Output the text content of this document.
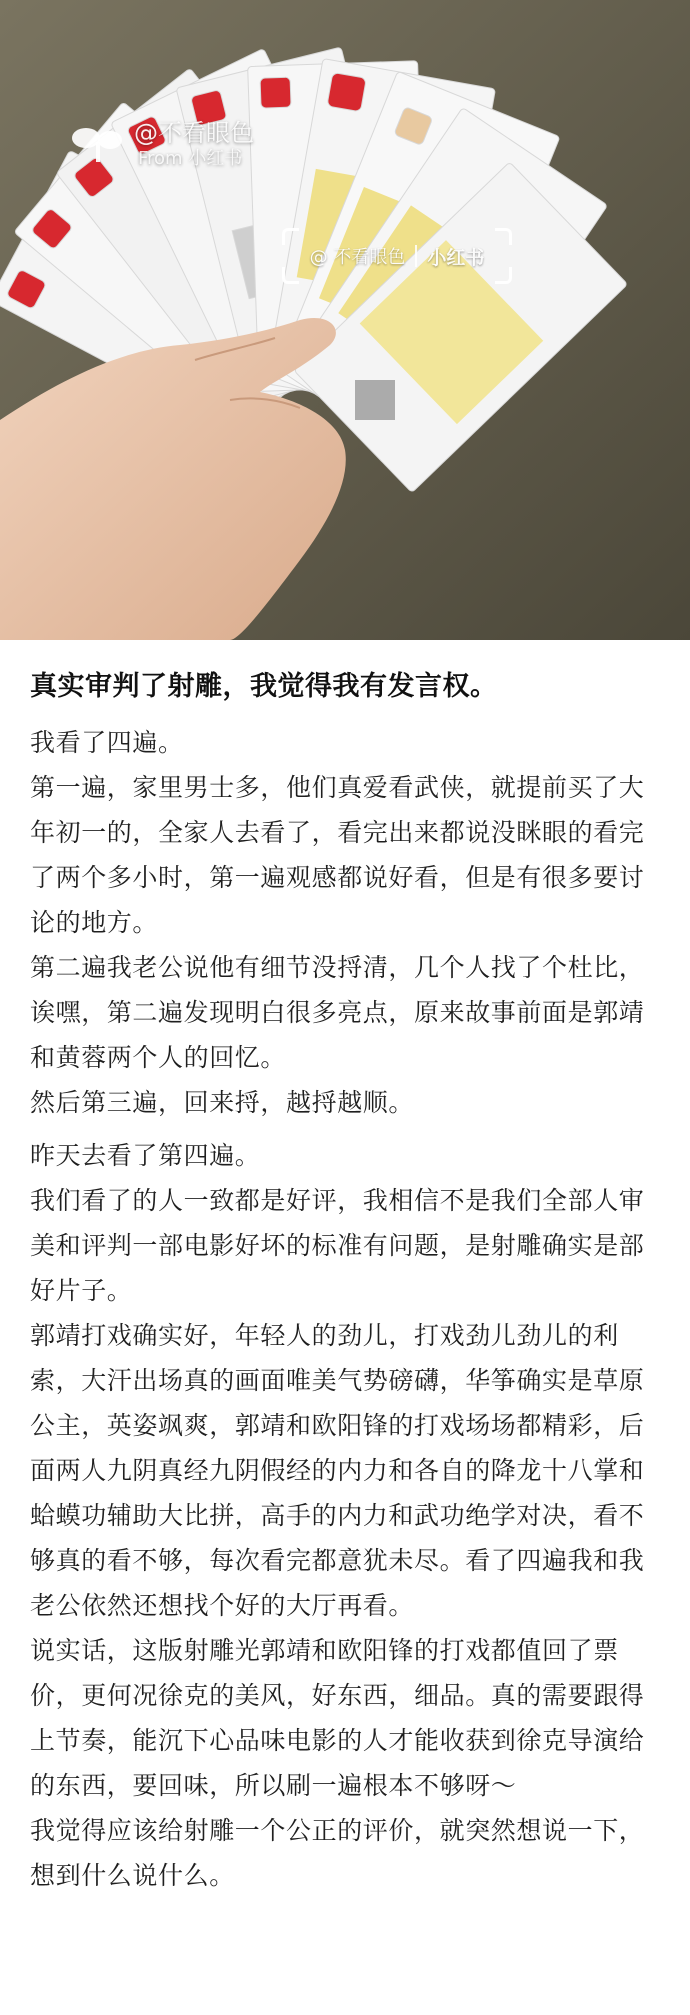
@不看眼色
From 小红书
@ 不看眼色 小红书
真实审判了射雕，我觉得我有发言权。

我看了四遍。

第一遍，家里男士多，他们真爱看武侠，就提前买了大年初一的，全家人去看了，看完出来都说没眯眼的看完了两个多小时，第一遍观感都说好看，但是有很多要讨论的地方。

第二遍我老公说他有细节没捋清，几个人找了个杜比，诶嘿，第二遍发现明白很多亮点，原来故事前面是郭靖和黄蓉两个人的回忆。

然后第三遍，回来捋，越捋越顺。

昨天去看了第四遍。

我们看了的人一致都是好评，我相信不是我们全部人审美和评判一部电影好坏的标准有问题，是射雕确实是部好片子。

郭靖打戏确实好，年轻人的劲儿，打戏劲儿劲儿的利索，大汗出场真的画面唯美气势磅礴，华筝确实是草原公主，英姿飒爽，郭靖和欧阳锋的打戏场场都精彩，后面两人九阴真经九阴假经的内力和各自的降龙十八掌和蛤蟆功辅助大比拼，高手的内力和武功绝学对决，看不够真的看不够，每次看完都意犹未尽。看了四遍我和我老公依然还想找个好的大厅再看。

说实话，这版射雕光郭靖和欧阳锋的打戏都值回了票价，更何况徐克的美风，好东西，细品。真的需要跟得上节奏，能沉下心品味电影的人才能收获到徐克导演给的东西，要回味，所以刷一遍根本不够呀～

我觉得应该给射雕一个公正的评价，就突然想说一下，想到什么说什么。
